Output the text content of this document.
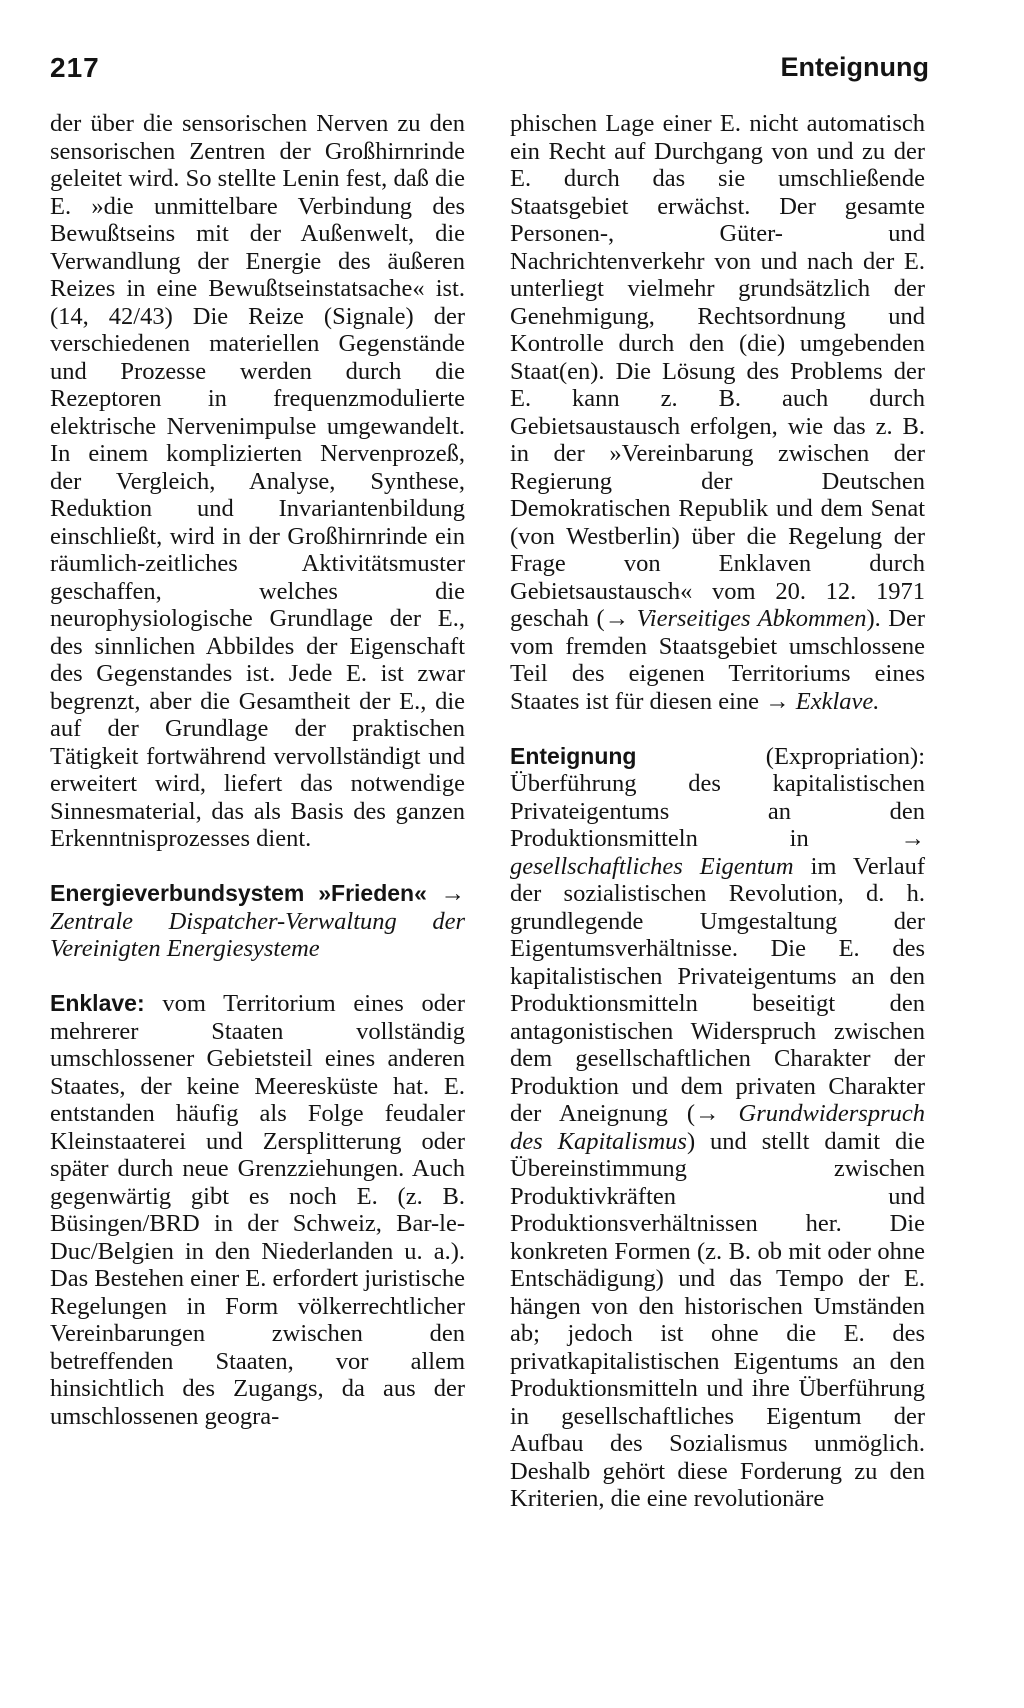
217	Enteignung

der über die sensorischen Nerven zu den sensorischen Zentren der Großhirnrinde geleitet wird. So stellte Lenin fest, daß die E. »die unmittelbare Verbindung des Bewußtseins mit der Außenwelt, die Verwandlung der Energie des äußeren Reizes in eine Bewußtseinstatsache« ist. (14, 42/43) Die Reize (Signale) der verschiedenen materiellen Gegenstände und Prozesse werden durch die Rezeptoren in frequenzmodulierte elektrische Nervenimpulse umgewandelt. In einem komplizierten Nervenprozeß, der Vergleich, Analyse, Synthese, Reduktion und Invariantenbildung einschließt, wird in der Großhirnrinde ein räumlich-zeitliches Aktivitätsmuster geschaffen, welches die neurophysiologische Grundlage der E., des sinnlichen Abbildes der Eigenschaft des Gegenstandes ist. Jede E. ist zwar begrenzt, aber die Gesamtheit der E., die auf der Grundlage der praktischen Tätigkeit fortwährend vervollständigt und erweitert wird, liefert das notwendige Sinnesmaterial, das als Basis des ganzen Erkenntnisprozesses dient.

Energieverbundsystem »Frieden« → Zentrale Dispatcher-Verwaltung der Vereinigten Energiesysteme

Enklave: vom Territorium eines oder mehrerer Staaten vollständig umschlossener Gebietsteil eines anderen Staates, der keine Meeresküste hat. E. entstanden häufig als Folge feudaler Kleinstaaterei und Zersplitterung oder später durch neue Grenzziehungen. Auch gegenwärtig gibt es noch E. (z. B. Büsingen/BRD in der Schweiz, Bar-le-Duc/Belgien in den Niederlanden u. a.). Das Bestehen einer E. erfordert juristische Regelungen in Form völkerrechtlicher Vereinbarungen zwischen den betreffenden Staaten, vor allem hinsichtlich des Zugangs, da aus der umschlossenen geogra-

phischen Lage einer E. nicht automatisch ein Recht auf Durchgang von und zu der E. durch das sie umschließende Staatsgebiet erwächst. Der gesamte Personen-, Güter- und Nachrichtenverkehr von und nach der E. unterliegt vielmehr grundsätzlich der Genehmigung, Rechtsordnung und Kontrolle durch den (die) umgebenden Staat(en). Die Lösung des Problems der E. kann z. B. auch durch Gebietsaustausch erfolgen, wie das z. B. in der »Vereinbarung zwischen der Regierung der Deutschen Demokratischen Republik und dem Senat (von Westberlin) über die Regelung der Frage von Enklaven durch Gebietsaustausch« vom 20. 12. 1971 geschah (→ Vierseitiges Abkommen). Der vom fremden Staatsgebiet umschlossene Teil des eigenen Territoriums eines Staates ist für diesen eine → Exklave.

Enteignung	(Expropriation): Überführung des kapitalistischen Privateigentums an den Produktionsmitteln in	→ gesellschaftliches Eigentum im Verlauf der sozialistischen Revolution, d. h. grundlegende Umgestaltung der Eigentumsverhältnisse. Die E. des kapitalistischen Privateigentums an den Produktionsmitteln beseitigt den antagonistischen Widerspruch zwischen dem gesellschaftlichen Charakter der Produktion und dem privaten Charakter der Aneignung (→ Grundwiderspruch des Kapitalismus) und stellt damit die Übereinstimmung zwischen Produktivkräften und Produktionsverhältnissen her. Die konkreten Formen (z. B. ob mit oder ohne Entschädigung) und das Tempo der E. hängen von den historischen Umständen ab; jedoch ist ohne die E. des privatkapitalistischen Eigentums an den Produktionsmitteln und ihre Überführung in gesellschaftliches Eigentum der Aufbau des Sozialismus unmöglich. Deshalb gehört diese Forderung zu den Kriterien, die eine revolutionäre
